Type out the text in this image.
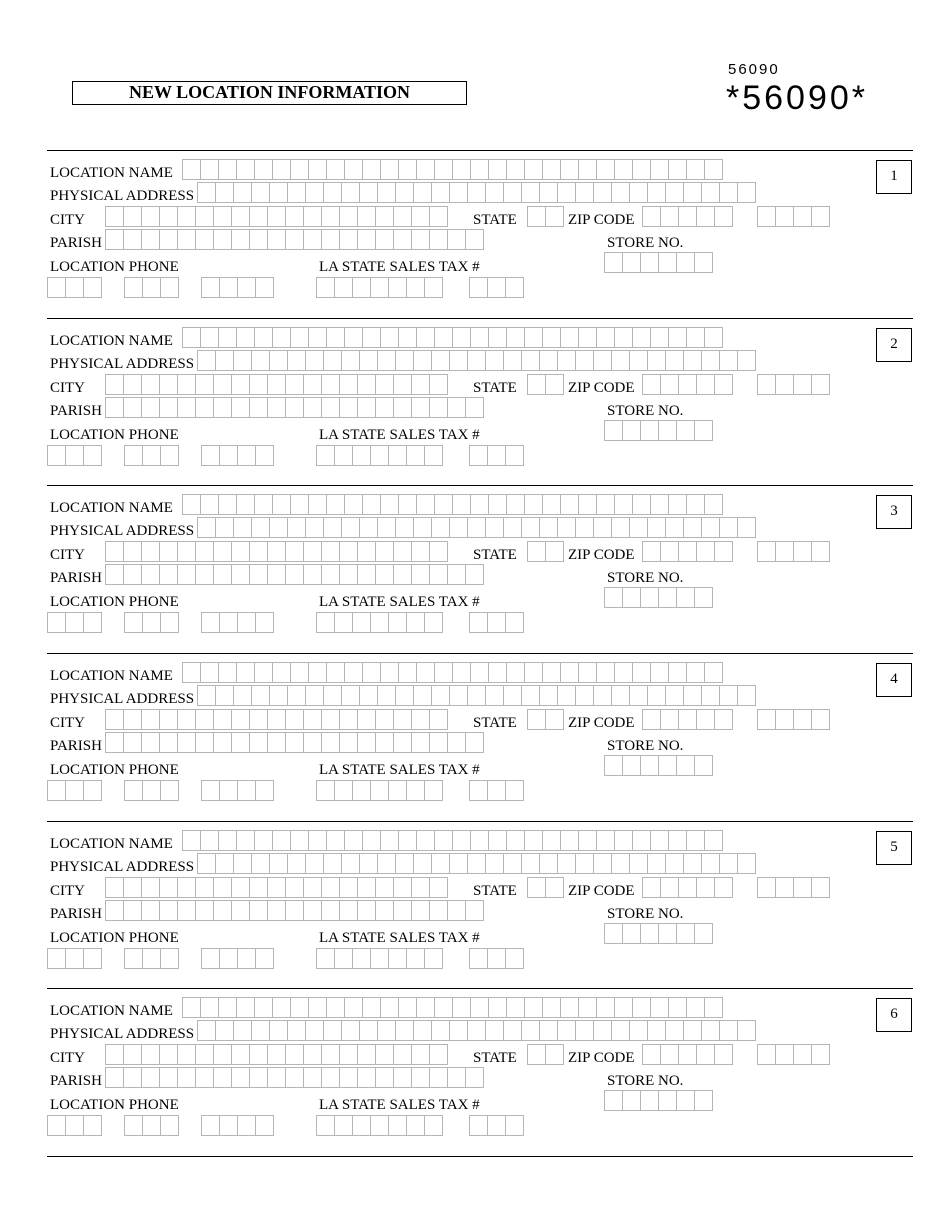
NEW LOCATION INFORMATION
56090
*56090*
LOCATION NAME
PHYSICAL ADDRESS
CITY	STATE	ZIP CODE
PARISH	STORE NO.
LOCATION PHONE	LA STATE SALES TAX #
1
LOCATION NAME
PHYSICAL ADDRESS
CITY	STATE	ZIP CODE
PARISH	STORE NO.
LOCATION PHONE	LA STATE SALES TAX #
2
LOCATION NAME
PHYSICAL ADDRESS
CITY	STATE	ZIP CODE
PARISH	STORE NO.
LOCATION PHONE	LA STATE SALES TAX #
3
LOCATION NAME
PHYSICAL ADDRESS
CITY	STATE	ZIP CODE
PARISH	STORE NO.
LOCATION PHONE	LA STATE SALES TAX #
4
LOCATION NAME
PHYSICAL ADDRESS
CITY	STATE	ZIP CODE
PARISH	STORE NO.
LOCATION PHONE	LA STATE SALES TAX #
5
LOCATION NAME
PHYSICAL ADDRESS
CITY	STATE	ZIP CODE
PARISH	STORE NO.
LOCATION PHONE	LA STATE SALES TAX #
6
